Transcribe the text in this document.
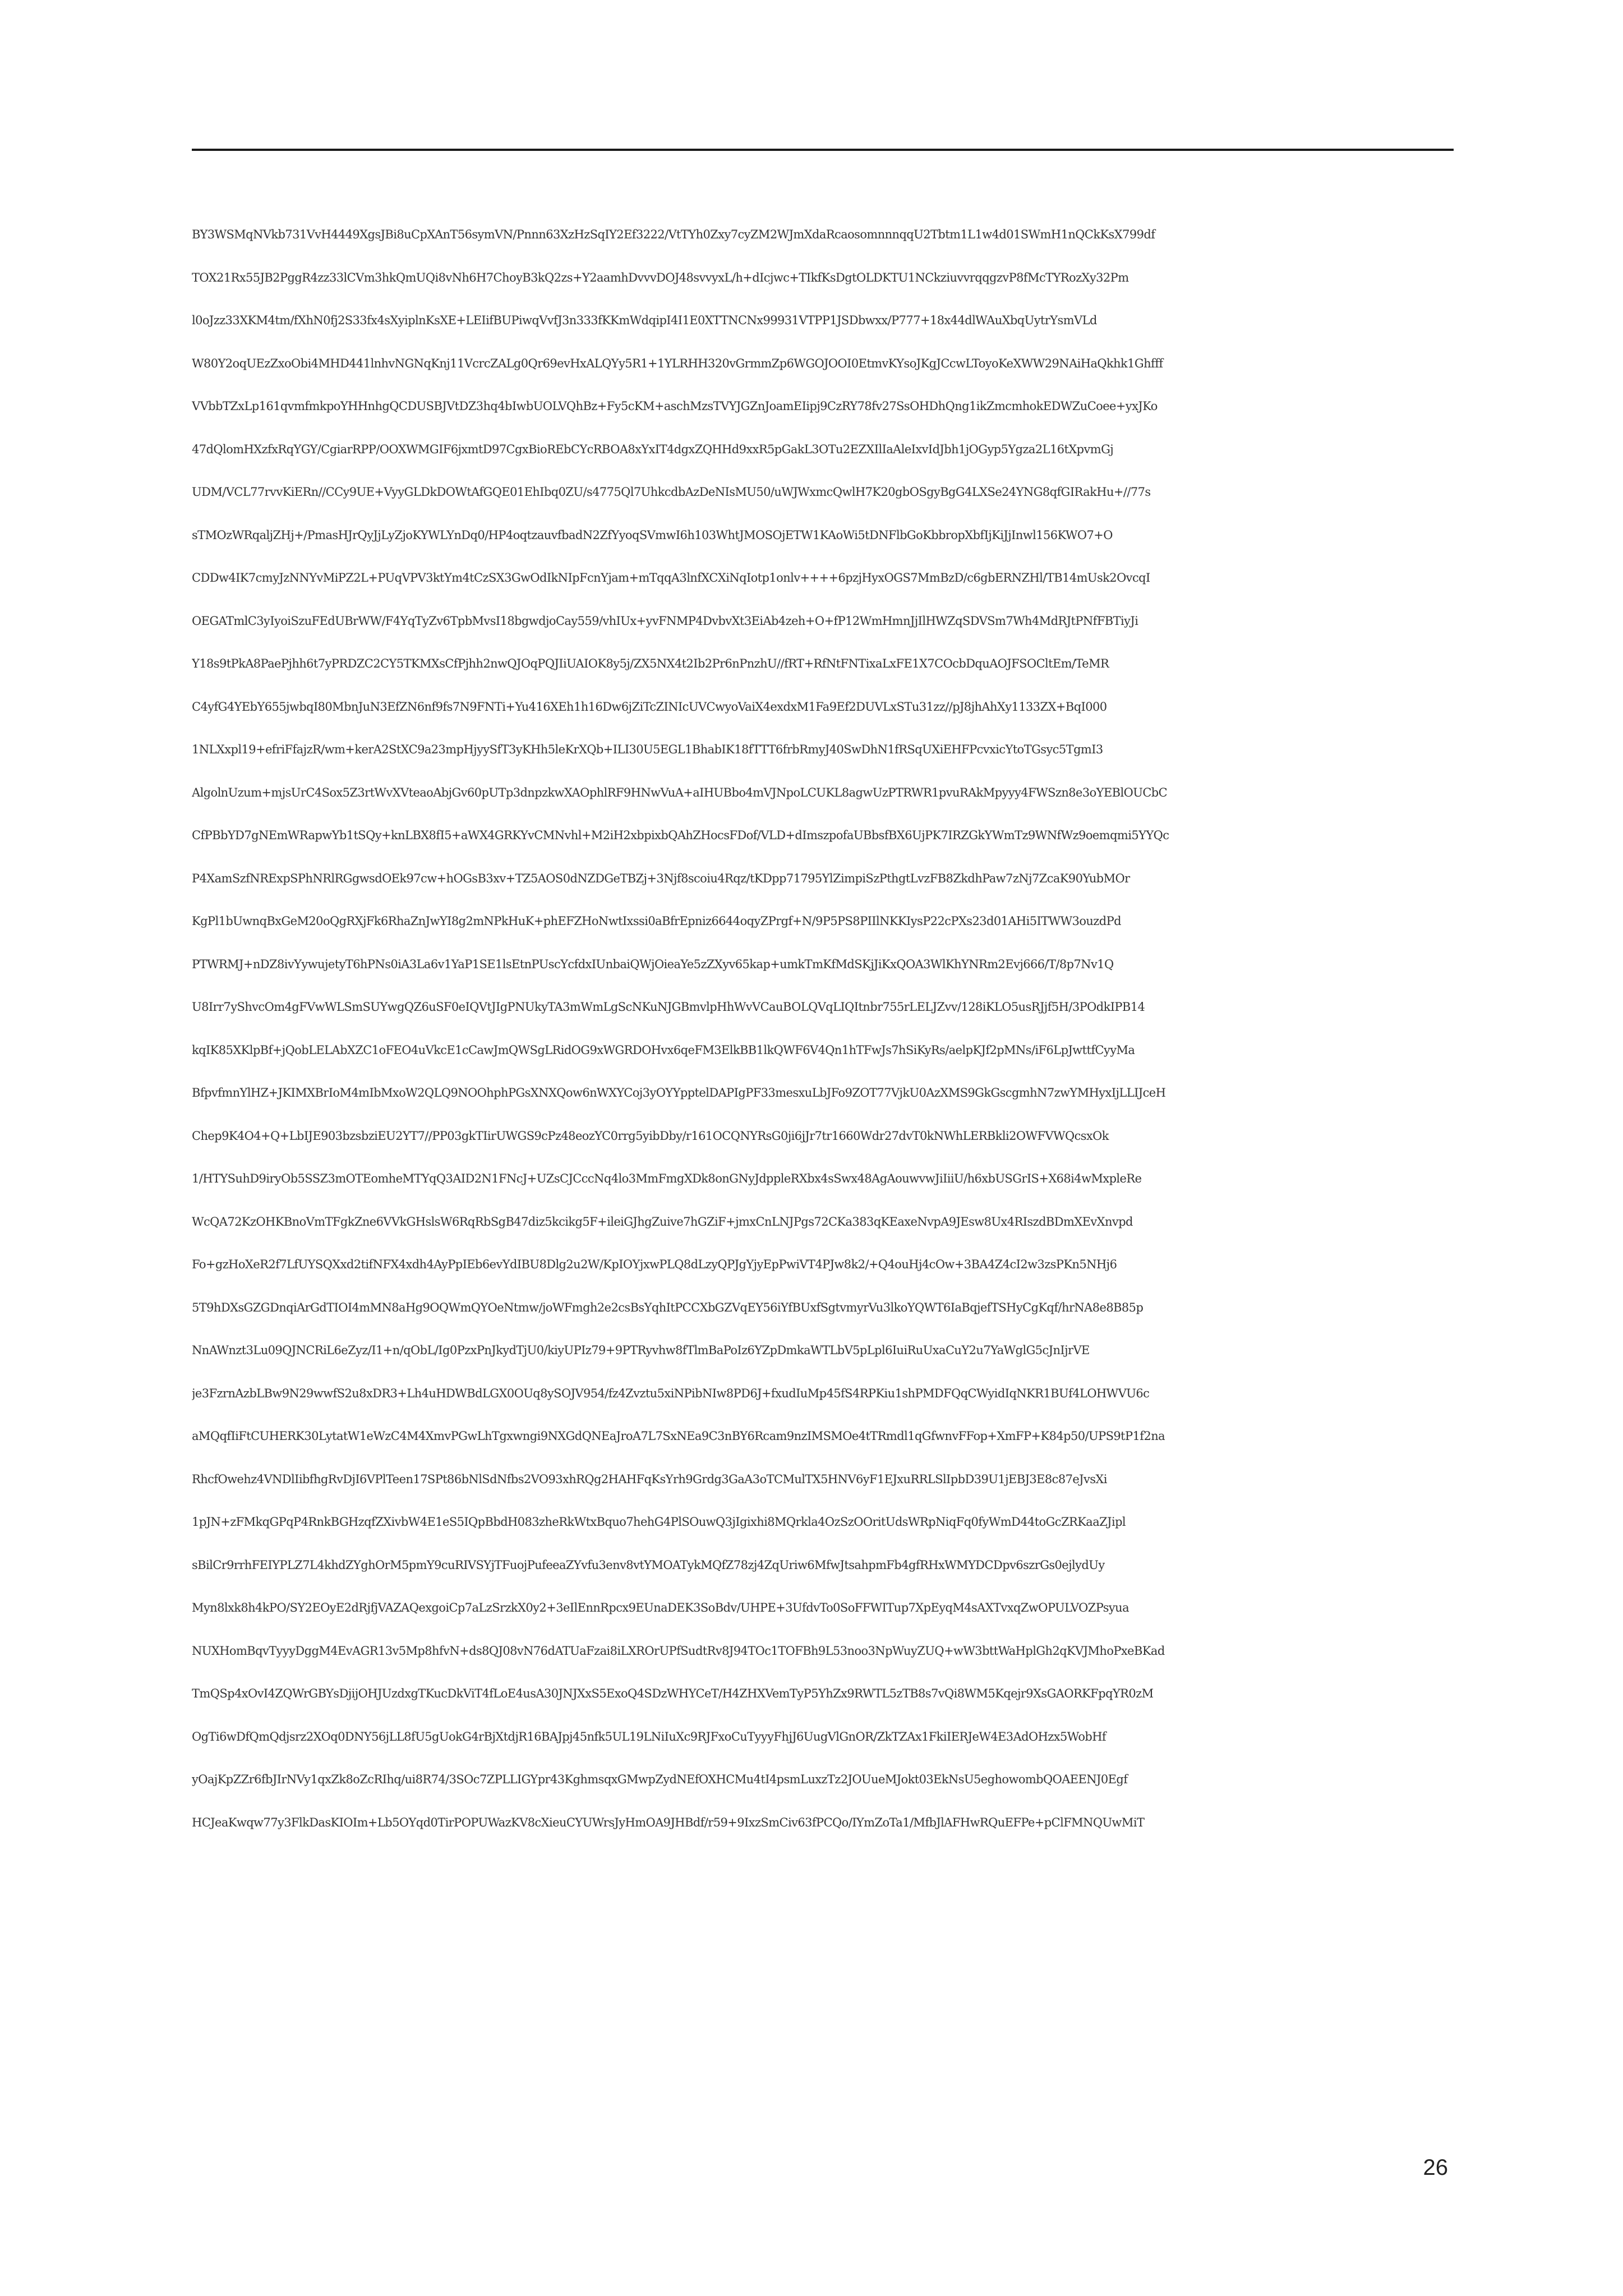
BY3WSMqNVkb731VvH4449XgsJBi8uCpXAnT56symVN/Pnnn63XzHzSqIY2Ef3222/VtTYh0Zxy7cyZM2WJmXdaRcaosomnnnqqU2Tbtm1L1w4d01SWmH1nQCkKsX799df
TOX21Rx55JB2PggR4zz33lCVm3hkQmUQi8vNh6H7ChoyB3kQ2zs+Y2aamhDvvvDOJ48svvyxL/h+dIcjwc+TIkfKsDgtOLDKTU1NCkziuvvrqqgzvP8fMcTYRozXy32Pm
l0oJzz33XKM4tm/fXhN0fj2S33fx4sXyiplnKsXE+LEIifBUPiwqVvfJ3n333fKKmWdqipI4I1E0XTTNCNx99931VTPP1JSDbwxx/P777+18x44dlWAuXbqUytrYsmVLd
W80Y2oqUEzZxoObi4MHD441lnhvNGNqKnj11VcrcZALg0Qr69evHxALQYy5R1+1YLRHH320vGrmmZp6WGOJOOI0EtmvKYsoJKgJCcwLToyoKeXWW29NAiHaQkhk1Ghfff
VVbbTZxLp161qvmfmkpoYHHnhgQCDUSBJVtDZ3hq4bIwbUOLVQhBz+Fy5cKM+aschMzsTVYJGZnJoamEIipj9CzRY78fv27SsOHDhQng1ikZmcmhokEDWZuCoee+yxJKo
47dQlomHXzfxRqYGY/CgiarRPP/OOXWMGIF6jxmtD97CgxBioREbCYcRBOA8xYxIT4dgxZQHHd9xxR5pGakL3OTu2EZXIlIaAleIxvIdJbh1jOGyp5Ygza2L16tXpvmGj
UDM/VCL77rvvKiERn//CCy9UE+VyyGLDkDOWtAfGQE01EhIbq0ZU/s4775Ql7UhkcdbAzDeNIsMU50/uWJWxmcQwlH7K20gbOSgyBgG4LXSe24YNG8qfGIRakHu+//77s
sTMOzWRqaljZHj+/PmasHJrQyJjLyZjoKYWLYnDq0/HP4oqtzauvfbadN2ZfYyoqSVmwI6h103WhtJMOSOjETW1KAoWi5tDNFlbGoKbbropXbfIjKiJjInwl156KWO7+O
CDDw4IK7cmyJzNNYvMiPZ2L+PUqVPV3ktYm4tCzSX3GwOdIkNIpFcnYjam+mTqqA3lnfXCXiNqIotp1onlv++++6pzjHyxOGS7MmBzD/c6gbERNZHl/TB14mUsk2OvcqI
OEGATmlC3yIyoiSzuFEdUBrWW/F4YqTyZv6TpbMvsI18bgwdjoCay559/vhIUx+yvFNMP4DvbvXt3EiAb4zeh+O+fP12WmHmnJjIlHWZqSDVSm7Wh4MdRJtPNfFBTiyJi
Y18s9tPkA8PaePjhh6t7yPRDZC2CY5TKMXsCfPjhh2nwQJOqPQJIiUAIOK8y5j/ZX5NX4t2Ib2Pr6nPnzhU//fRT+RfNtFNTixaLxFE1X7COcbDquAOJFSOCltEm/TeMR
C4yfG4YEbY655jwbqI80MbnJuN3EfZN6nf9fs7N9FNTi+Yu416XEh1h16Dw6jZiTcZINIcUVCwyoVaiX4exdxM1Fa9Ef2DUVLxSTu31zz//pJ8jhAhXy1133ZX+BqI000
1NLXxpl19+efriFfajzR/wm+kerA2StXC9a23mpHjyySfT3yKHh5leKrXQb+ILI30U5EGL1BhabIK18fTTT6frbRmyJ40SwDhN1fRSqUXiEHFPcvxicYtoTGsyc5TgmI3
AlgolnUzum+mjsUrC4Sox5Z3rtWvXVteaoAbjGv60pUTp3dnpzkwXAOphlRF9HNwVuA+aIHUBbo4mVJNpoLCUKL8agwUzPTRWR1pvuRAkMpyyy4FWSzn8e3oYEBlOUCbC
CfPBbYD7gNEmWRapwYb1tSQy+knLBX8fI5+aWX4GRKYvCMNvhl+M2iH2xbpixbQAhZHocsFDof/VLD+dImszpofaUBbsfBX6UjPK7IRZGkYWmTz9WNfWz9oemqmi5YYQc
P4XamSzfNRExpSPhNRlRGgwsdOEk97cw+hOGsB3xv+TZ5AOS0dNZDGeTBZj+3Njf8scoiu4Rqz/tKDpp71795YlZimpiSzPthgtLvzFB8ZkdhPaw7zNj7ZcaK90YubMOr
KgPl1bUwnqBxGeM20oQgRXjFk6RhaZnJwYI8g2mNPkHuK+phEFZHoNwtIxssi0aBfrEpniz6644oqyZPrgf+N/9P5PS8PIIlNKKIysP22cPXs23d01AHi5ITWW3ouzdPd
PTWRMJ+nDZ8ivYywujetyT6hPNs0iA3La6v1YaP1SE1lsEtnPUscYcfdxIUnbaiQWjOieaYe5zZXyv65kap+umkTmKfMdSKjJiKxQOA3WlKhYNRm2Evj666/T/8p7Nv1Q
U8Irr7yShvcOm4gFVwWLSmSUYwgQZ6uSF0eIQVtJIgPNUkyTA3mWmLgScNKuNJGBmvlpHhWvVCauBOLQVqLIQItnbr755rLELJZvv/128iKLO5usRJjf5H/3POdkIPB14
kqIK85XKlpBf+jQobLELAbXZC1oFEO4uVkcE1cCawJmQWSgLRidOG9xWGRDOHvx6qeFM3ElkBB1lkQWF6V4Qn1hTFwJs7hSiKyRs/aelpKJf2pMNs/iF6LpJwttfCyyMa
BfpvfmnYlHZ+JKIMXBrIoM4mIbMxoW2QLQ9NOOhphPGsXNXQow6nWXYCoj3yOYYpptelDAPIgPF33mesxuLbJFo9ZOT77VjkU0AzXMS9GkGscgmhN7zwYMHyxIjLLIJceH
Chep9K4O4+Q+LbIJE903bzsbziEU2YT7//PP03gkTIirUWGS9cPz48eozYC0rrg5yibDby/r161OCQNYRsG0ji6jJr7tr1660Wdr27dvT0kNWhLERBkli2OWFVWQcsxOk
1/HTYSuhD9iryOb5SSZ3mOTEomheMTYqQ3AID2N1FNcJ+UZsCJCccNq4lo3MmFmgXDk8onGNyJdppleRXbx4sSwx48AgAouwvwJiIiiU/h6xbUSGrIS+X68i4wMxpleRe
WcQA72KzOHKBnoVmTFgkZne6VVkGHslsW6RqRbSgB47diz5kcikg5F+ileiGJhgZuive7hGZiF+jmxCnLNJPgs72CKa383qKEaxeNvpA9JEsw8Ux4RIszdBDmXEvXnvpd
Fo+gzHoXeR2f7LfUYSQXxd2tifNFX4xdh4AyPpIEb6evYdIBU8Dlg2u2W/KpIOYjxwPLQ8dLzyQPJgYjyEpPwiVT4PJw8k2/+Q4ouHj4cOw+3BA4Z4cI2w3zsPKn5NHj6
5T9hDXsGZGDnqiArGdTIOI4mMN8aHg9OQWmQYOeNtmw/joWFmgh2e2csBsYqhItPCCXbGZVqEY56iYfBUxfSgtvmyrVu3lkoYQWT6IaBqjefTSHyCgKqf/hrNA8e8B85p
NnAWnzt3Lu09QJNCRiL6eZyz/I1+n/qObL/Ig0PzxPnJkydTjU0/kiyUPIz79+9PTRyvhw8fTlmBaPoIz6YZpDmkaWTLbV5pLpl6IuiRuUxaCuY2u7YaWglG5cJnIjrVE
je3FzrnAzbLBw9N29wwfS2u8xDR3+Lh4uHDWBdLGX0OUq8ySOJV954/fz4Zvztu5xiNPibNIw8PD6J+fxudIuMp45fS4RPKiu1shPMDFQqCWyidIqNKR1BUf4LOHWVU6c
aMQqfIiFtCUHERK30LytatW1eWzC4M4XmvPGwLhTgxwngi9NXGdQNEaJroA7L7SxNEa9C3nBY6Rcam9nzIMSMOe4tTRmdl1qGfwnvFFop+XmFP+K84p50/UPS9tP1f2na
RhcfOwehz4VNDlIibfhgRvDjI6VPlTeen17SPt86bNlSdNfbs2VO93xhRQg2HAHFqKsYrh9Grdg3GaA3oTCMulTX5HNV6yF1EJxuRRLSlIpbD39U1jEBJ3E8c87eJvsXi
1pJN+zFMkqGPqP4RnkBGHzqfZXivbW4E1eS5IQpBbdH083zheRkWtxBquo7hehG4PlSOuwQ3jIgixhi8MQrkla4OzSzOOritUdsWRpNiqFq0fyWmD44toGcZRKaaZJipl
sBilCr9rrhFEIYPLZ7L4khdZYghOrM5pmY9cuRIVSYjTFuojPufeeaZYvfu3env8vtYMOATykMQfZ78zj4ZqUriw6MfwJtsahpmFb4gfRHxWMYDCDpv6szrGs0ejlydUy
Myn8lxk8h4kPO/SY2EOyE2dRjfjVAZAQexgoiCp7aLzSrzkX0y2+3eIlEnnRpcx9EUnaDEK3SoBdv/UHPE+3UfdvTo0SoFFWITup7XpEyqM4sAXTvxqZwOPULVOZPsyua
NUXHomBqvTyyyDggM4EvAGR13v5Mp8hfvN+ds8QJ08vN76dATUaFzai8iLXROrUPfSudtRv8J94TOc1TOFBh9L53noo3NpWuyZUQ+wW3bttWaHplGh2qKVJMhoPxeBKad
TmQSp4xOvI4ZQWrGBYsDjijOHJUzdxgTKucDkViT4fLoE4usA30JNJXxS5ExoQ4SDzWHYCeT/H4ZHXVemTyP5YhZx9RWTL5zTB8s7vQi8WM5Kqejr9XsGAORKFpqYR0zM
OgTi6wDfQmQdjsrz2XOq0DNY56jLL8fU5gUokG4rBjXtdjR16BAJpj45nfk5UL19LNiIuXc9RJFxoCuTyyyFhjJ6UugVlGnOR/ZkTZAx1FkiIERJeW4E3AdOHzx5WobHf
yOajKpZZr6fbJIrNVy1qxZk8oZcRIhq/ui8R74/3SOc7ZPLLIGYpr43KghmsqxGMwpZydNEfOXHCMu4tI4psmLuxzTz2JOUueMJokt03EkNsU5eghowombQOAEENJ0Egf
HCJeaKwqw77y3FlkDasKIOIm+Lb5OYqd0TirPOPUWazKV8cXieuCYUWrsJyHmOA9JHBdf/r59+9IxzSmCiv63fPCQo/IYmZoTa1/MfbJlAFHwRQuEFPe+pClFMNQUwMiT
26
